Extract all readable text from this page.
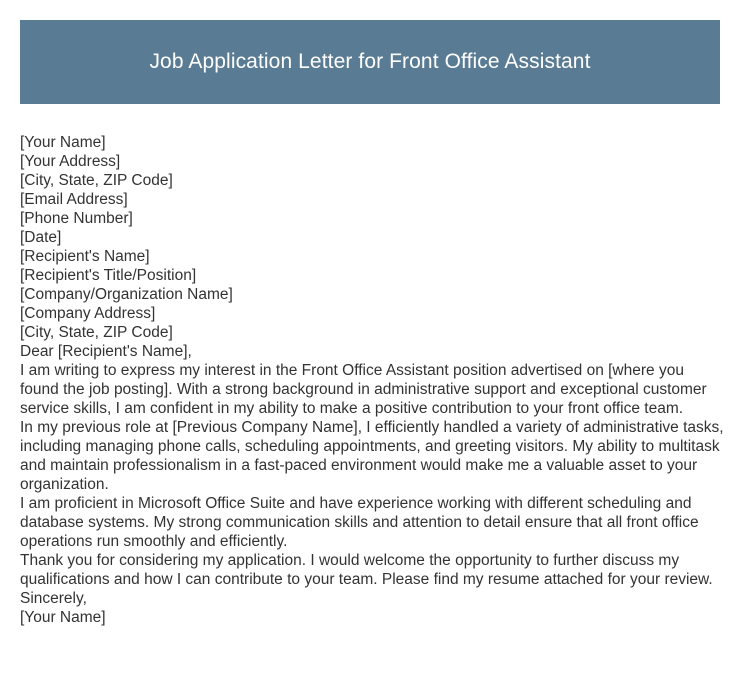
Job Application Letter for Front Office Assistant
[Your Name]
[Your Address]
[City, State, ZIP Code]
[Email Address]
[Phone Number]
[Date]
[Recipient's Name]
[Recipient's Title/Position]
[Company/Organization Name]
[Company Address]
[City, State, ZIP Code]
Dear [Recipient's Name],
I am writing to express my interest in the Front Office Assistant position advertised on [where you found the job posting]. With a strong background in administrative support and exceptional customer service skills, I am confident in my ability to make a positive contribution to your front office team.
In my previous role at [Previous Company Name], I efficiently handled a variety of administrative tasks, including managing phone calls, scheduling appointments, and greeting visitors. My ability to multitask and maintain professionalism in a fast-paced environment would make me a valuable asset to your organization.
I am proficient in Microsoft Office Suite and have experience working with different scheduling and database systems. My strong communication skills and attention to detail ensure that all front office operations run smoothly and efficiently.
Thank you for considering my application. I would welcome the opportunity to further discuss my qualifications and how I can contribute to your team. Please find my resume attached for your review.
Sincerely,
[Your Name]
